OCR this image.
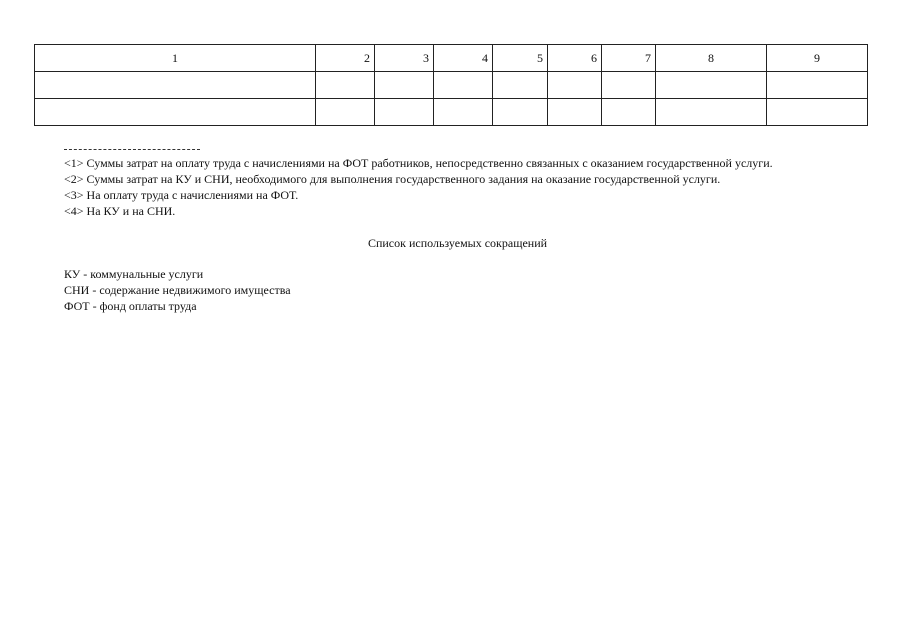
1	2	3	4	5	6	7	8	9

<1> Суммы затрат на оплату труда с начислениями на ФОТ работников, непосредственно связанных с оказанием государственной услуги.
<2> Суммы затрат на КУ и СНИ, необходимого для выполнения государственного задания на оказание государственной услуги.
<3> На оплату труда с начислениями на ФОТ.
<4> На КУ и на СНИ.
Список используемых сокращений
КУ - коммунальные услуги
СНИ - содержание недвижимого имущества
ФОТ - фонд оплаты труда
